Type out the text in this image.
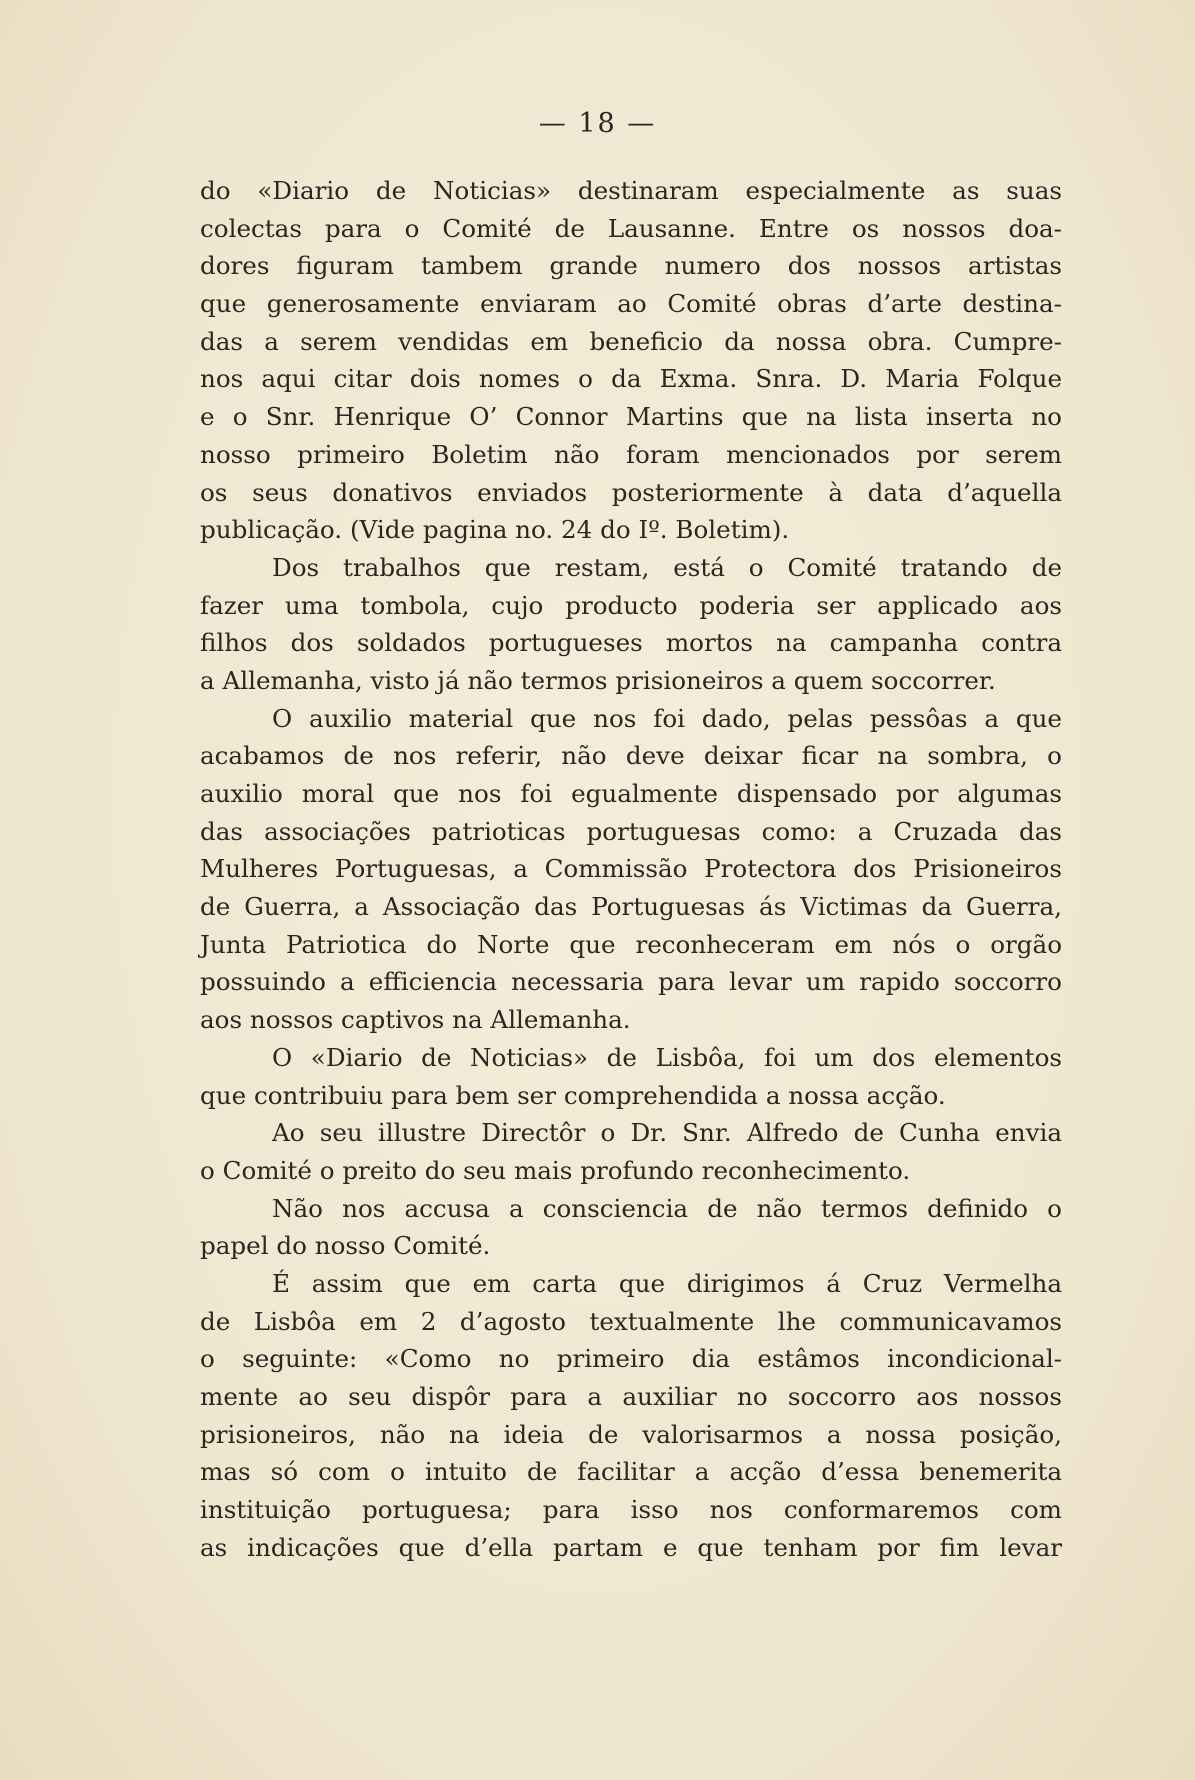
— 18 —
do «Diario de Noticias» destinaram especialmente as suas
colectas para o Comité de Lausanne. Entre os nossos doa-
dores figuram tambem grande numero dos nossos artistas
que generosamente enviaram ao Comité obras d’arte destina-
das a serem vendidas em beneficio da nossa obra. Cumpre-
nos aqui citar dois nomes o da Exma. Snra. D. Maria Folque
e o Snr. Henrique O’ Connor Martins que na lista inserta no
nosso primeiro Boletim não foram mencionados por serem
os seus donativos enviados posteriormente à data d’aquella
publicação. (Vide pagina no. 24 do Iº. Boletim).
Dos trabalhos que restam, está o Comité tratando de
fazer uma tombola, cujo producto poderia ser applicado aos
filhos dos soldados portugueses mortos na campanha contra
a Allemanha, visto já não termos prisioneiros a quem soccorrer.
O auxilio material que nos foi dado, pelas pessôas a que
acabamos de nos referir, não deve deixar ficar na sombra, o
auxilio moral que nos foi egualmente dispensado por algumas
das associações patrioticas portuguesas como: a Cruzada das
Mulheres Portuguesas, a Commissão Protectora dos Prisioneiros
de Guerra, a Associação das Portuguesas ás Victimas da Guerra,
Junta Patriotica do Norte que reconheceram em nós o orgão
possuindo a efficiencia necessaria para levar um rapido soccorro
aos nossos captivos na Allemanha.
O «Diario de Noticias» de Lisbôa, foi um dos elementos
que contribuiu para bem ser comprehendida a nossa acção.
Ao seu illustre Directôr o Dr. Snr. Alfredo de Cunha envia
o Comité o preito do seu mais profundo reconhecimento.
Não nos accusa a consciencia de não termos definido o
papel do nosso Comité.
É assim que em carta que dirigimos á Cruz Vermelha
de Lisbôa em 2 d’agosto textualmente lhe communicavamos
o seguinte: «Como no primeiro dia estâmos incondicional-
mente ao seu dispôr para a auxiliar no soccorro aos nossos
prisioneiros, não na ideia de valorisarmos a nossa posição,
mas só com o intuito de facilitar a acção d’essa benemerita
instituição portuguesa; para isso nos conformaremos com
as indicações que d’ella partam e que tenham por fim levar
